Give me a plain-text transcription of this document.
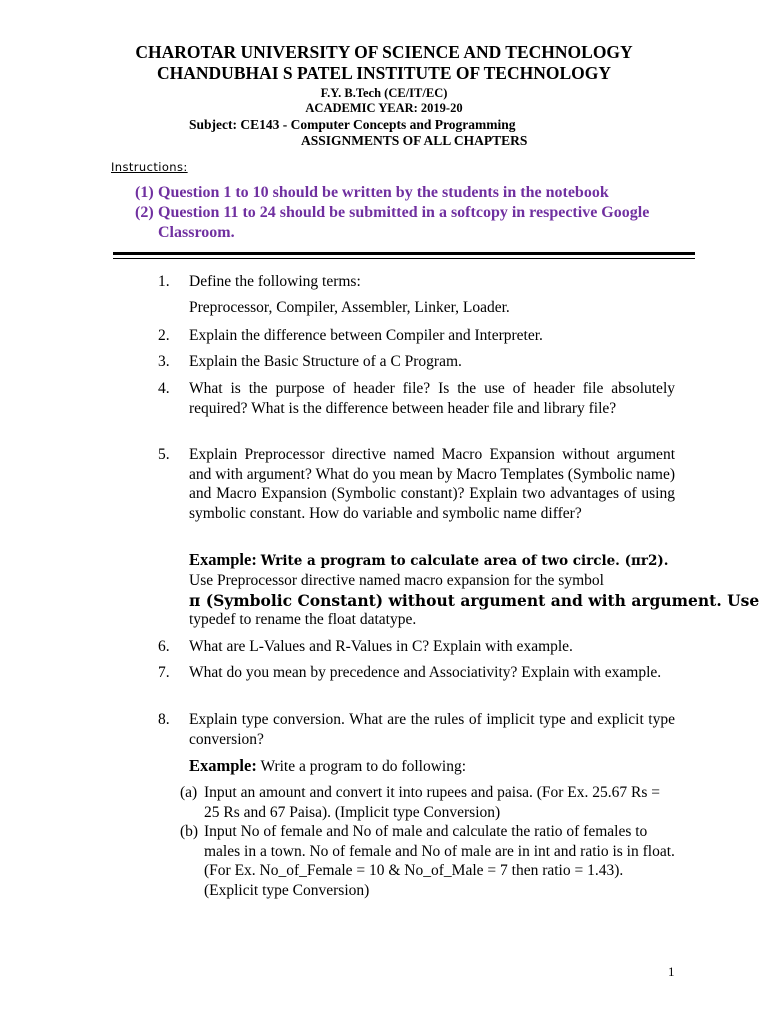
CHAROTAR UNIVERSITY OF SCIENCE AND TECHNOLOGY
CHANDUBHAI S PATEL INSTITUTE OF TECHNOLOGY
F.Y. B.Tech (CE/IT/EC)
ACADEMIC YEAR: 2019-20
Subject: CE143 - Computer Concepts and Programming
ASSIGNMENTS OF ALL CHAPTERS
Instructions:
(1) Question 1 to 10 should be written by the students in the notebook
(2) Question 11 to 24 should be submitted in a softcopy in respective Google Classroom.
1. Define the following terms:
Preprocessor, Compiler, Assembler, Linker, Loader.
2. Explain the difference between Compiler and Interpreter.
3. Explain the Basic Structure of a C Program.
4. What is the purpose of header file? Is the use of header file absolutely required? What is the difference between header file and library file?
5. Explain Preprocessor directive named Macro Expansion without argument and with argument? What do you mean by Macro Templates (Symbolic name) and Macro Expansion (Symbolic constant)? Explain two advantages of using symbolic constant. How do variable and symbolic name differ?
Example: Write a program to calculate area of two circle. (πr2).
Use Preprocessor directive named macro expansion for the symbol
π (Symbolic Constant) without argument and with argument. Use
typedef to rename the float datatype.
6. What are L-Values and R-Values in C? Explain with example.
7. What do you mean by precedence and Associativity? Explain with example.
8. Explain type conversion. What are the rules of implicit type and explicit type conversion?
Example: Write a program to do following:
(a) Input an amount and convert it into rupees and paisa. (For Ex. 25.67 Rs = 25 Rs and 67 Paisa). (Implicit type Conversion)
(b) Input No of female and No of male and calculate the ratio of females to males in a town. No of female and No of male are in int and ratio is in float. (For Ex. No_of_Female = 10 & No_of_Male = 7 then ratio = 1.43). (Explicit type Conversion)
1
